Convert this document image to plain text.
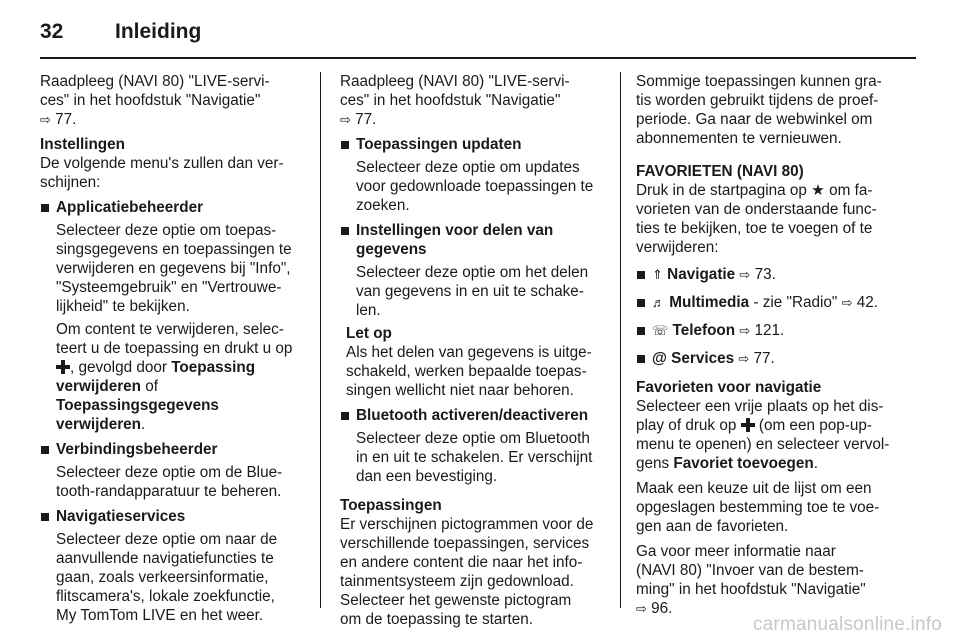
32 Inleiding

Raadpleeg (NAVI 80) "LIVE-servi-
ces" in het hoofdstuk "Navigatie"
⇨ 77.

Instellingen

De volgende menu's zullen dan ver-
schijnen:

Applicatiebeheerder

Selecteer deze optie om toepas-
singsgegevens en toepassingen te
verwijderen en gegevens bij "Info",
"Systeemgebruik" en "Vertrouwe-
lijkheid" te bekijken.

Om content te verwijderen, selec-
teert u de toepassing en drukt u op
, gevolgd door Toepassing
verwijderen of
Toepassingsgegevens
verwijderen.

Verbindingsbeheerder

Selecteer deze optie om de Blue-
tooth-randapparatuur te beheren.

Navigatieservices

Selecteer deze optie om naar de
aanvullende navigatiefuncties te
gaan, zoals verkeersinformatie,
flitscamera's, lokale zoekfunctie,
My TomTom LIVE en het weer.

Raadpleeg (NAVI 80) "LIVE-servi-
ces" in het hoofdstuk "Navigatie"
⇨ 77.

Toepassingen updaten

Selecteer deze optie om updates
voor gedownloade toepassingen te
zoeken.

Instellingen voor delen van
gegevens

Selecteer deze optie om het delen
van gegevens in en uit te schake-
len.

Let op

Als het delen van gegevens is uitge-
schakeld, werken bepaalde toepas-
singen wellicht niet naar behoren.

Bluetooth activeren/deactiveren

Selecteer deze optie om Bluetooth
in en uit te schakelen. Er verschijnt
dan een bevestiging.

Toepassingen

Er verschijnen pictogrammen voor de
verschillende toepassingen, services
en andere content die naar het info-
tainmentsysteem zijn gedownload.
Selecteer het gewenste pictogram
om de toepassing te starten.

Sommige toepassingen kunnen gra-
tis worden gebruikt tijdens de proef-
periode. Ga naar de webwinkel om
abonnementen te vernieuwen.

FAVORIETEN (NAVI 80)

Druk in de startpagina op ★ om fa-
vorieten van de onderstaande func-
ties te bekijken, toe te voegen of te
verwijderen:

⇑ Navigatie ⇨ 73.
♬ Multimedia - zie "Radio" ⇨ 42.
☏ Telefoon ⇨ 121.
@ Services ⇨ 77.

Favorieten voor navigatie

Selecteer een vrije plaats op het dis-
play of druk op  (om een pop-up-
menu te openen) en selecteer vervol-
gens Favoriet toevoegen.

Maak een keuze uit de lijst om een
opgeslagen bestemming toe te voe-
gen aan de favorieten.

Ga voor meer informatie naar
(NAVI 80) "Invoer van de bestem-
ming" in het hoofdstuk "Navigatie"
⇨ 96.

carmanualsonline.info
